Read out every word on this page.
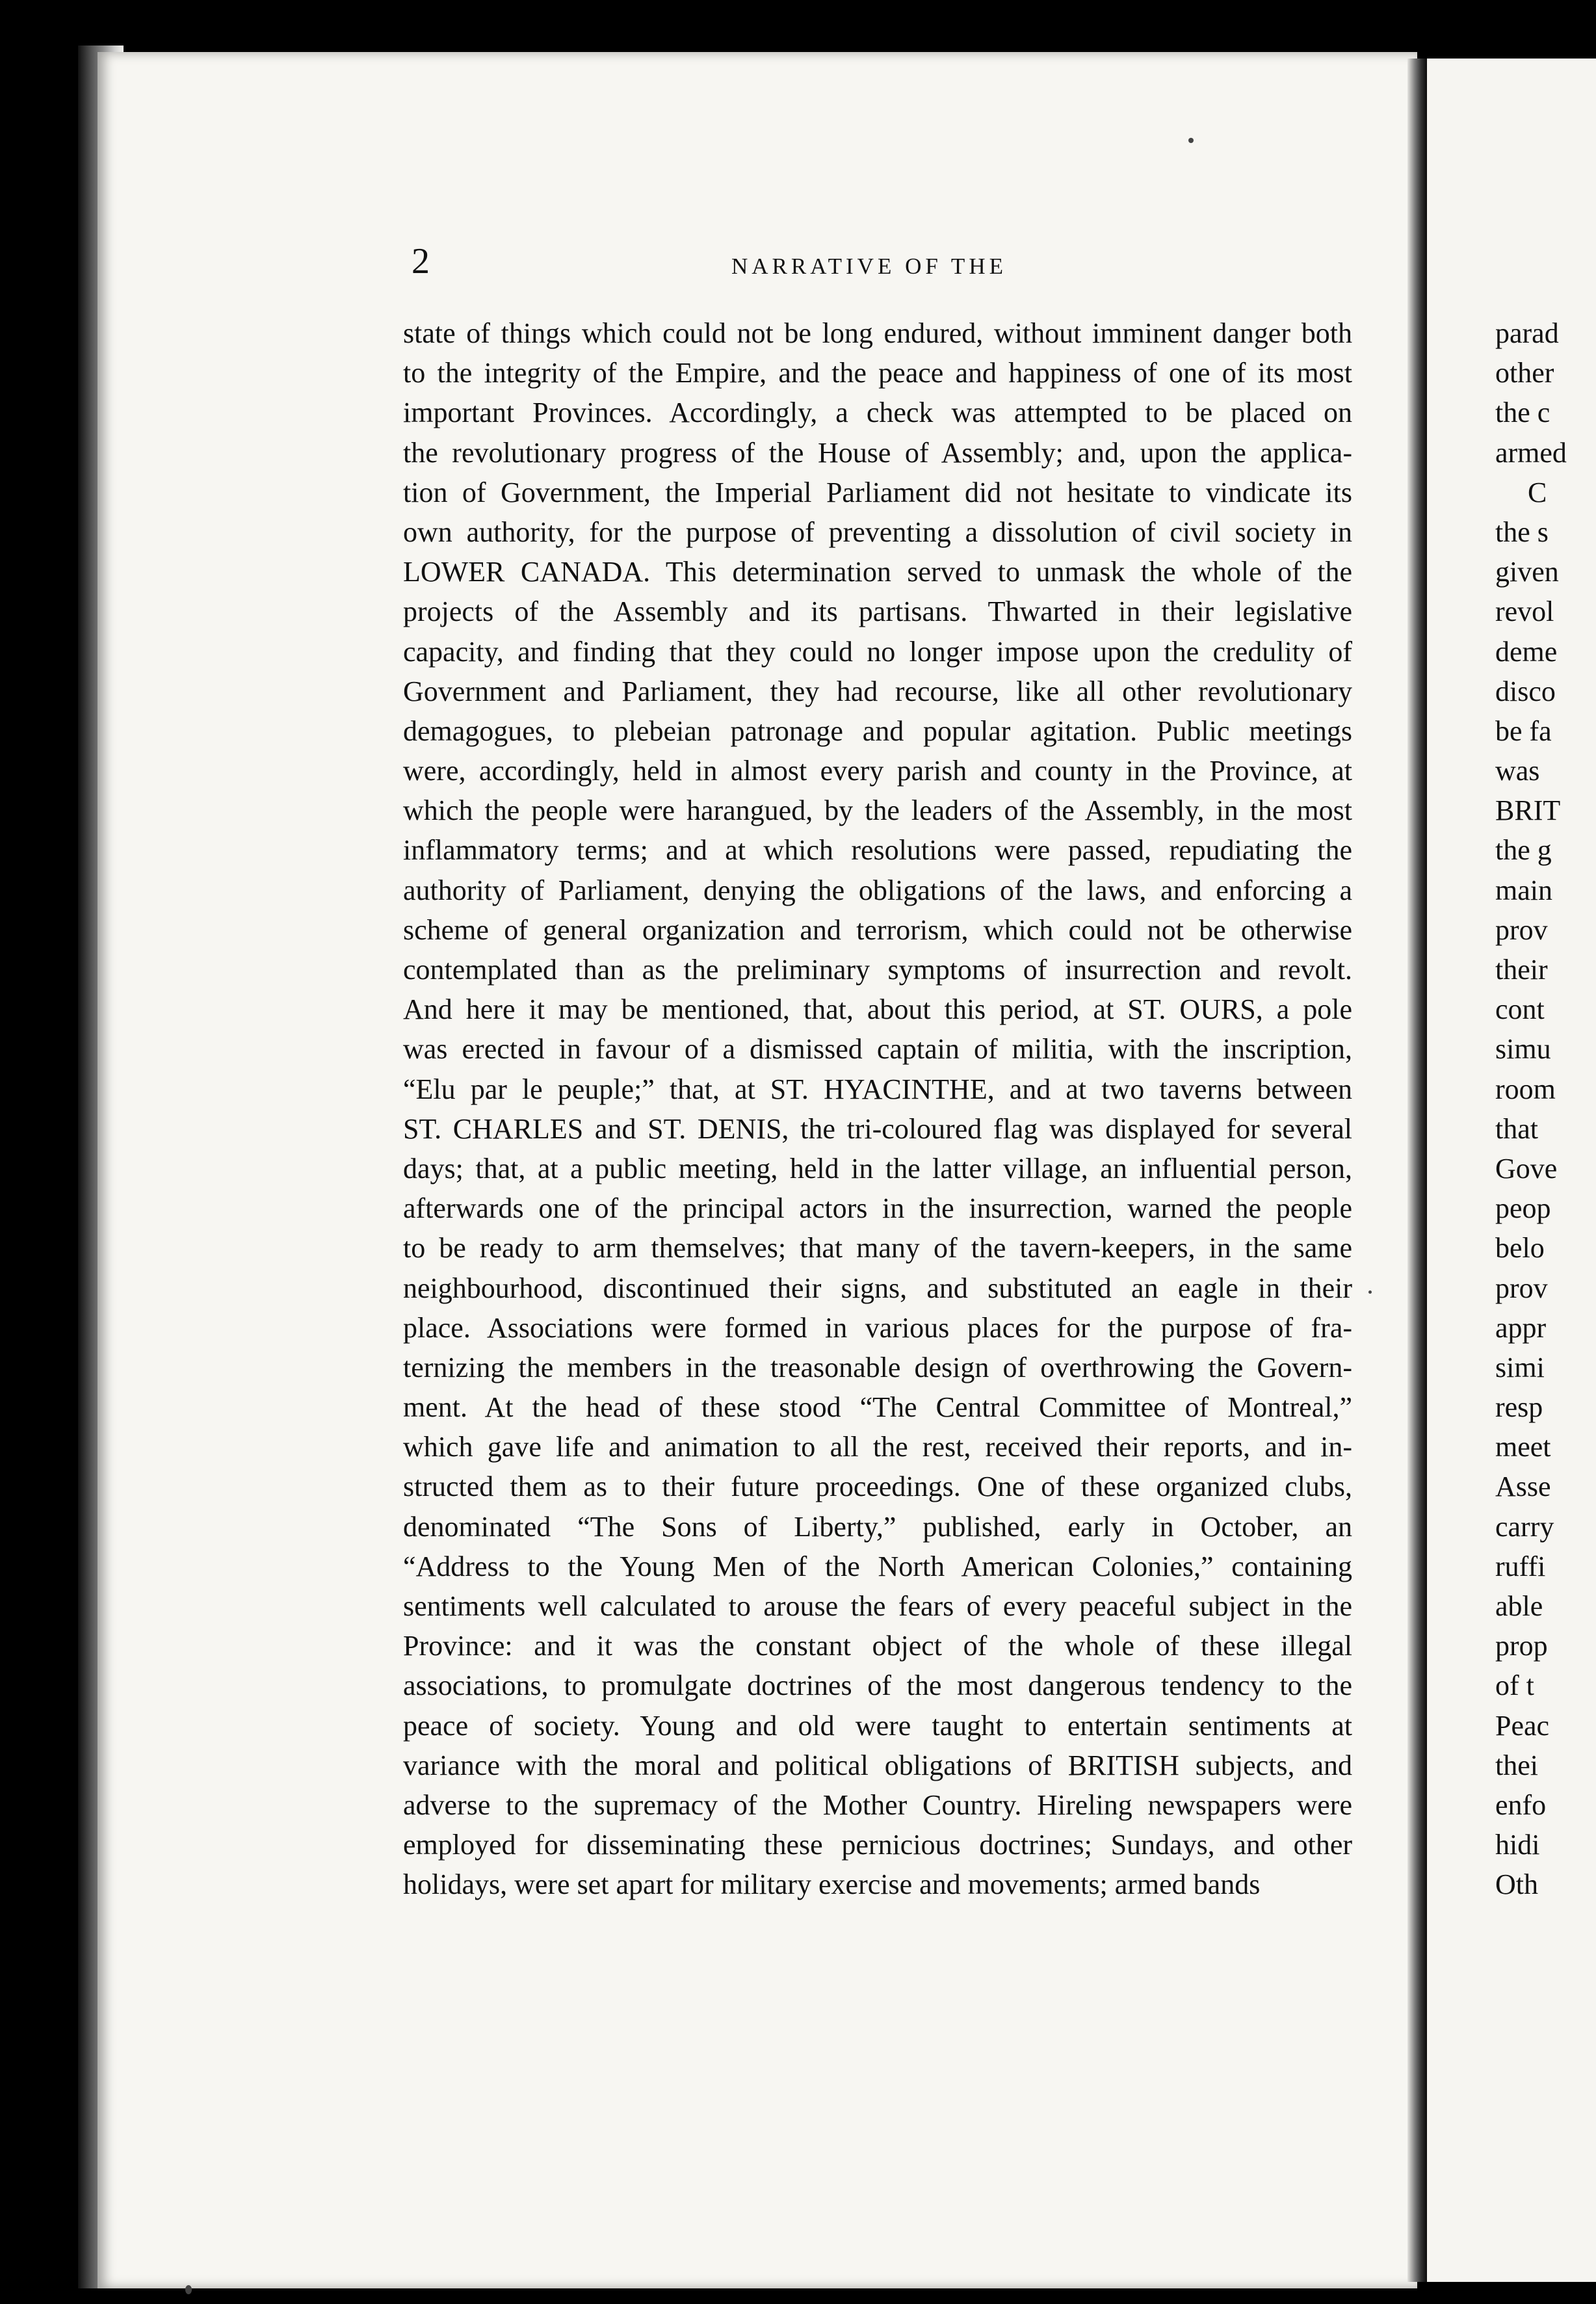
2	NARRATIVE OF THE
state of things which could not be long endured, without imminent danger both
to the integrity of the Empire, and the peace and happiness of one of its most
important Provinces. Accordingly, a check was attempted to be placed on
the revolutionary progress of the House of Assembly; and, upon the applica-
tion of Government, the Imperial Parliament did not hesitate to vindicate its
own authority, for the purpose of preventing a dissolution of civil society in
LOWER CANADA. This determination served to unmask the whole of the
projects of the Assembly and its partisans. Thwarted in their legislative
capacity, and finding that they could no longer impose upon the credulity of
Government and Parliament, they had recourse, like all other revolutionary
demagogues, to plebeian patronage and popular agitation. Public meetings
were, accordingly, held in almost every parish and county in the Province, at
which the people were harangued, by the leaders of the Assembly, in the most
inflammatory terms; and at which resolutions were passed, repudiating the
authority of Parliament, denying the obligations of the laws, and enforcing a
scheme of general organization and terrorism, which could not be otherwise
contemplated than as the preliminary symptoms of insurrection and revolt.
And here it may be mentioned, that, about this period, at ST. OURS, a pole
was erected in favour of a dismissed captain of militia, with the inscription,
“Elu par le peuple;” that, at ST. HYACINTHE, and at two taverns between
ST. CHARLES and ST. DENIS, the tri-coloured flag was displayed for several
days; that, at a public meeting, held in the latter village, an influential person,
afterwards one of the principal actors in the insurrection, warned the people
to be ready to arm themselves; that many of the tavern-keepers, in the same
neighbourhood, discontinued their signs, and substituted an eagle in their
place. Associations were formed in various places for the purpose of fra-
ternizing the members in the treasonable design of overthrowing the Govern-
ment. At the head of these stood “The Central Committee of Montreal,”
which gave life and animation to all the rest, received their reports, and in-
structed them as to their future proceedings. One of these organized clubs,
denominated “The Sons of Liberty,” published, early in October, an
“Address to the Young Men of the North American Colonies,” containing
sentiments well calculated to arouse the fears of every peaceful subject in the
Province: and it was the constant object of the whole of these illegal
associations, to promulgate doctrines of the most dangerous tendency to the
peace of society. Young and old were taught to entertain sentiments at
variance with the moral and political obligations of BRITISH subjects, and
adverse to the supremacy of the Mother Country. Hireling newspapers were
employed for disseminating these pernicious doctrines; Sundays, and other
holidays, were set apart for military exercise and movements; armed bands
parad
other
the c
armed
C
the s
given
revol
deme
disco
be fa
was
BRIT
the g
main
prov
their
cont
simu
room
that
Gove
peop
belo
prov
appr
simi
resp
meet
Asse
carry
ruffi
able
prop
of t
Peac
thei
enfo
hidi
Oth
